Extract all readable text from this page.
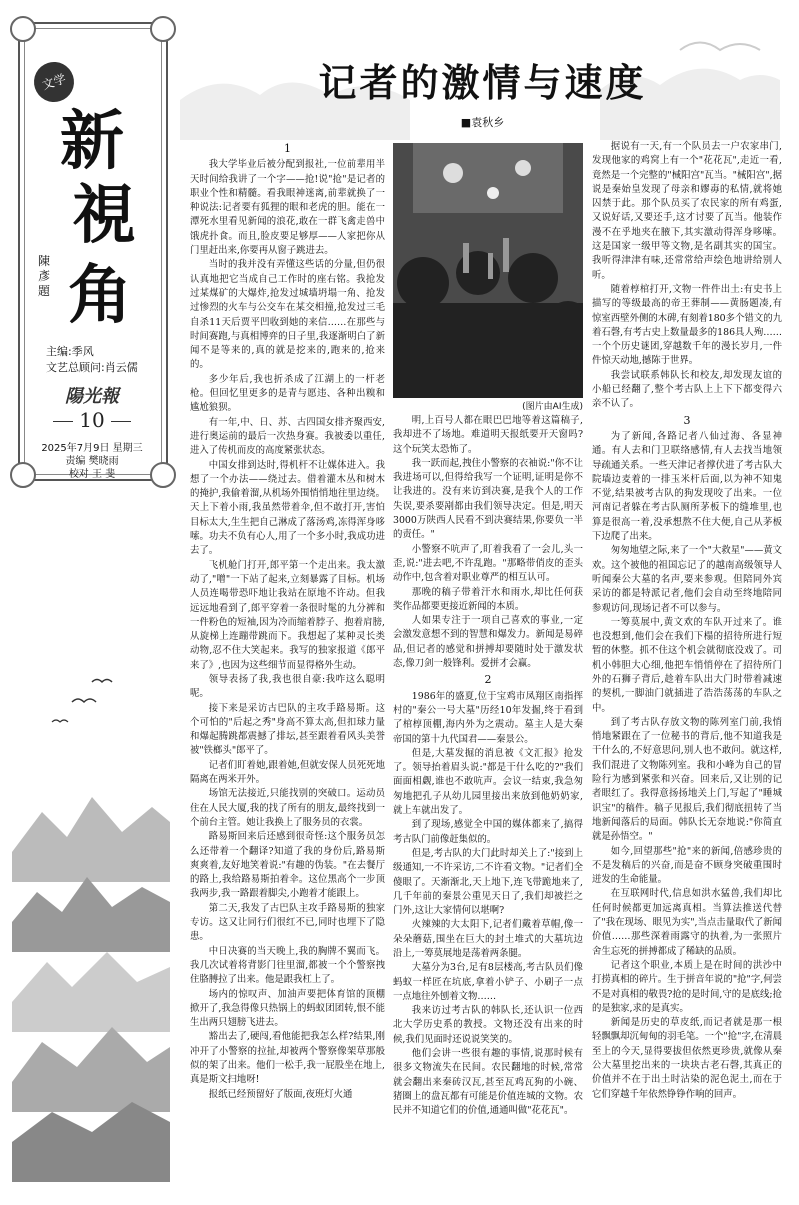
文学
新
視
角
陳彥題
主编:季风
文艺总顾问:肖云儒
陽光報
10
2025年7月9日 星期三
责编 樊晓雨
校对 王 斐
记者的激情与速度
■袁秋乡
1

我大学毕业后被分配到报社,一位前辈用半天时间给我讲了一个字——抢!说"抢"是记者的职业个性和精髓。看我眼神迷离,前辈就换了一种说法:记者要有狐狸的眼和老虎的胆。能在一潭死水里看见新闻的浪花,敢在一群飞禽走兽中饿虎扑食。而且,脸皮要足够厚——人家把你从门里赶出来,你要再从窗子跳进去。

当时的我并没有弄懂这些话的分量,但仍很认真地把它当成自己工作时的座右铭。我抢发过某煤矿的大爆炸,抢发过城墙坍塌一角、抢发过惨烈的火车与公交车在某交相撞,抢发过三毛自杀11天后贾平凹收到她的来信……在那些与时间赛跑,与真相博弈的日子里,我逐渐明白了新闻不是等来的,真的就是挖来的,跑来的,抢来的。

多少年后,我也折杀成了江湖上的一杆老枪。但回忆里更多的是青与愿违、各种出糗和尴尬狼狈。

有一年,中、日、苏、古四国女排齐聚西安,进行奥运前的最后一次热身赛。我被委以重任,进入了传机而皮的高度紧张状态。

中国女排到达时,得机杆不让媒体进入。我想了一个办法——绕过去。借着灌木丛和树木的掩护,我偷着溜,从机场外围悄悄地往里边绕。天上下着小雨,我虽然带着伞,但不敢打开,害怕目标太大,生生把自己淋成了落汤鸡,冻得浑身哆嗦。功夫不负有心人,用了一个多小时,我成功进去了。

飞机舱门打开,郎平第一个走出来。我太激动了,"噌"一下站了起来,立刻暴露了目标。机场人员连喝带恐吓地让我站在原地不许动。但我远远地看到了,郎平穿着一条很时髦的九分裤和一件粉色的短袖,因为冷而缩着脖子、抱着肩膀,从旋梯上连蹦带跳而下。我想起了某种灵长类动物,忍不住大笑起来。我写的独家报道《郎平来了》,也因为这些细节而显得格外生动。

领导表扬了我,我也很自豪:我咋这么聪明呢。

接下来是采访古巴队的主攻手路易斯。这个可怕的"后起之秀"身高不算太高,但扣球力量和爆起腾跳都震撼了排坛,甚至跟着看风头美誉被"铁榔头"郎平了。

记者们盯着她,跟着她,但就安保人员死死地隔离在两米开外。

场馆无法接近,只能找别的突破口。运动员住在人民大厦,我的找了所有的朋友,最终找到一个前台主管。她让我换上了服务员的衣裳。

路易斯回来后还感到很奇怪:这个服务员怎么还带着一个翻译?知道了我的身份后,路易斯爽爽着,友好地笑着说:"有趣的伪装。"在去餐厅的路上,我给路易斯拍着伞。这位黑高个一步顶我两步,我一路跟着脚尖,小跑着才能跟上。

第二天,我发了古巴队主攻手路易斯的独家专访。这又让同行们很红不已,同时也埋下了隐患。

中日决赛的当天晚上,我的胸牌不翼而飞。我几次试着将背影门往里溜,都被一个个警察拽住胳膊拉了出来。他是跟我杠上了。

场内的惊叹声、加油声要把体育馆的顶棚掀开了,我急得像只热锅上的蚂蚁团团转,恨不能生出两只翅膀飞进去。

豁出去了,硬闯,看他能把我怎么样?结果,刚冲开了小警察的拉扯,却被两个警察像架草那般似的架了出来。他们一松手,我一屁股坐在地上,真是斯文扫地呀!

报纸已经预留好了版面,夜班灯火通

明,上百号人都在眼巴巴地等着这篇稿子,我却进不了场地。难道明天报纸要开天窗吗?这个玩笑太恐怖了。

我一跃而起,拽住小警察的衣袖说:"你不让我进场可以,但得给我写一个证明,证明是你不让我进的。没有来访到决赛,是我个人的工作失误,要杀要剐都由我们领导决定。但是,明天3000万陕西人民看不到决赛结果,你要负一半的责任。"

小警察不吭声了,盯着我看了一会儿,头一歪,说:"进去吧,不许乱跑。"那略带俏皮的歪头动作中,包含着对职业尊严的相互认可。

那晚的稿子带着汗水和雨水,却比任何获奖作品都要更接近新闻的本质。

人如果专注于一项自己喜欢的事业,一定会激发意想不到的智慧和爆发力。新闻是易碎品,但记者的感觉和拼搏却要随时处于激发状态,像刀剑一般锋利。爱拼才会赢。

2

1986年的盛夏,位于宝鸡市凤翔区南指挥村的"秦公一号大墓"历经10年发掘,终于看到了棺椁顶棚,海内外为之震动。墓主人是大秦帝国的第十九代国君——秦景公。

但是,大墓发掘的消息被《文汇报》抢发了。领导抬着眉头说:"都是干什么吃的?"我们面面相觑,谁也不敢吭声。会议一结束,我急匆匆地把孔子从幼儿园里接出来放到他奶奶家,就上车就出发了。

到了现场,感觉全中国的媒体都来了,搞得考古队门前像赶集似的。

但是,考古队的大门此时却关上了:"接到上级通知,一不许采访,二不许看文物。"记者们全傻眼了。天渐渐北,天上地下,连飞带跪地来了,几千年前的秦景公重见天日了,我们却被拦之门外,这让大家情何以堪啊?

火辣辣的大太阳下,记者们戴着草帽,像一朵朵蘑菇,围坐在巨大的封土堆式的大墓坑边沿上,一筹莫展地是荡着两条腿。

大墓分为3台,足有8层楼高,考古队员们像蚂蚁一样匠在坑底,拿着小铲子、小刷子一点一点地往外刨着文物……

我来访过考古队的韩队长,还认识一位西北大学历史系的教授。文物还没有出来的时候,我们见面时还说说笑笑的。

他们会讲一些很有趣的事情,说那时候有很多文物流失在民间。农民翻地的时候,常常就会翻出来秦砖汉瓦,甚至瓦鸡瓦狗的小碗、猪圈上的盘瓦都有可能是价值连城的文物。农民并不知道它们的价值,通通叫做"花花瓦"。

据说有一天,有一个队员去一户农家串门,发现他家的鸡窝上有一个"花花瓦",走近一看,竟然是一个完整的"械阳宫"瓦当。"械阳宫",据说是秦始皇发现了母亲和嫪毐的私情,就将她囚禁于此。那个队员买了农民家的所有鸡蛋,又说好话,又要还手,这才讨要了瓦当。他装作漫不在乎地夹在腋下,其实激动得浑身哆嗦。这是国家一级甲等文物,是名副其实的国宝。我听得津津有味,还常常给声绘色地讲给别人听。

随着椁棺打开,文物一件件出土:有史书上描写的等级最高的帝王葬制——黄肠题凑,有惊室西壁外侧的木碑,有刻着180多个错文的九着石磬,有考古史上数量最多的186具人殉……一个个历史谜团,穿越数千年的漫长岁月,一件件惊天动地,撼陈于世界。

我尝试联系韩队长和校友,却发现友谊的小船已经翻了,整个考古队上上下下都变得六亲不认了。

3

为了新闻,各路记者八仙过海、各显神通。有人去和门卫联络感情,有人去找当地领导疏通关系。一些天津记者撑伏进了考古队大院墙边麦着的一排玉米杆后面,以为神不知鬼不觉,结果被考古队的狗发现咬了出来。一位河南记者躲在考古队厕所茅板下的缝堆里,也算是很高一着,没承想熬不住大便,自己从茅板下边爬了出来。

匆匆地望之际,来了一个"大救星"——黄文欢。这个被他的祖国忘记了的越南高级领导人听闻秦公大墓的名声,要来参观。但陪同外宾采访的都是特派记者,他们会自动至终地陪同参观访问,现场记者不可以参与。

一筹莫展中,黄文欢的车队开过来了。谁也没想到,他们会在我们下榻的招待所进行短暂的休整。抓不住这个机会就彻底没戏了。司机小韩胆大心细,他把车悄悄停在了招待所门外的石狮子背后,趁着车队出大门时带着减速的契机,一脚油门就插进了浩浩荡荡的车队之中。

到了考古队存放文物的陈列室门前,我悄悄地紧跟在了一位秘书的背后,他不知道我是干什么的,不好意思问,别人也不敢问。就这样,我们混进了文物陈列室。我和小峰为自己的冒险行为感到紧张和兴奋。回来后,又让别的记者眼红了。我得意扬扬地关上门,写起了"睡城识宝"的稿件。稿子见报后,我们彻底扭转了当地新闻落后的局面。韩队长无奈地说:"你简直就是孙悟空。"

如今,回望那些"抢"来的新闻,倍感珍贵的不是发稿后的兴奋,而是奋不顾身突破重围时迸发的生命能量。

在互联网时代,信息如洪水猛兽,我们却比任何时候都更加远离真相。当算法推送代替了"我在现场、眼见为实",当点击量取代了新闻价值……那些深着雨露守的执着,为一张照片舍生忘死的拼搏都成了稀缺的品质。

记者这个职业,本质上是在时间的洪沙中打捞真相的碎片。生于拼音年说的"抢"字,何尝不是对真相的敬畏?抢的是时间,守的是底线;抢的是独家,求的是真实。

新闻是历史的草皮纸,而记者就是那一根轻飘飘却沉甸甸的羽毛笔。一个"抢"字,在清晨至上的今天,显得要拔但依然更珍贵,就像从秦公大墓里挖出来的一块块古老石磬,其真正的价值并不在于出土时沾染的泥色泥土,而在于它们穿越千年依然铮铮作响的回声。

(图片由AI生成)
